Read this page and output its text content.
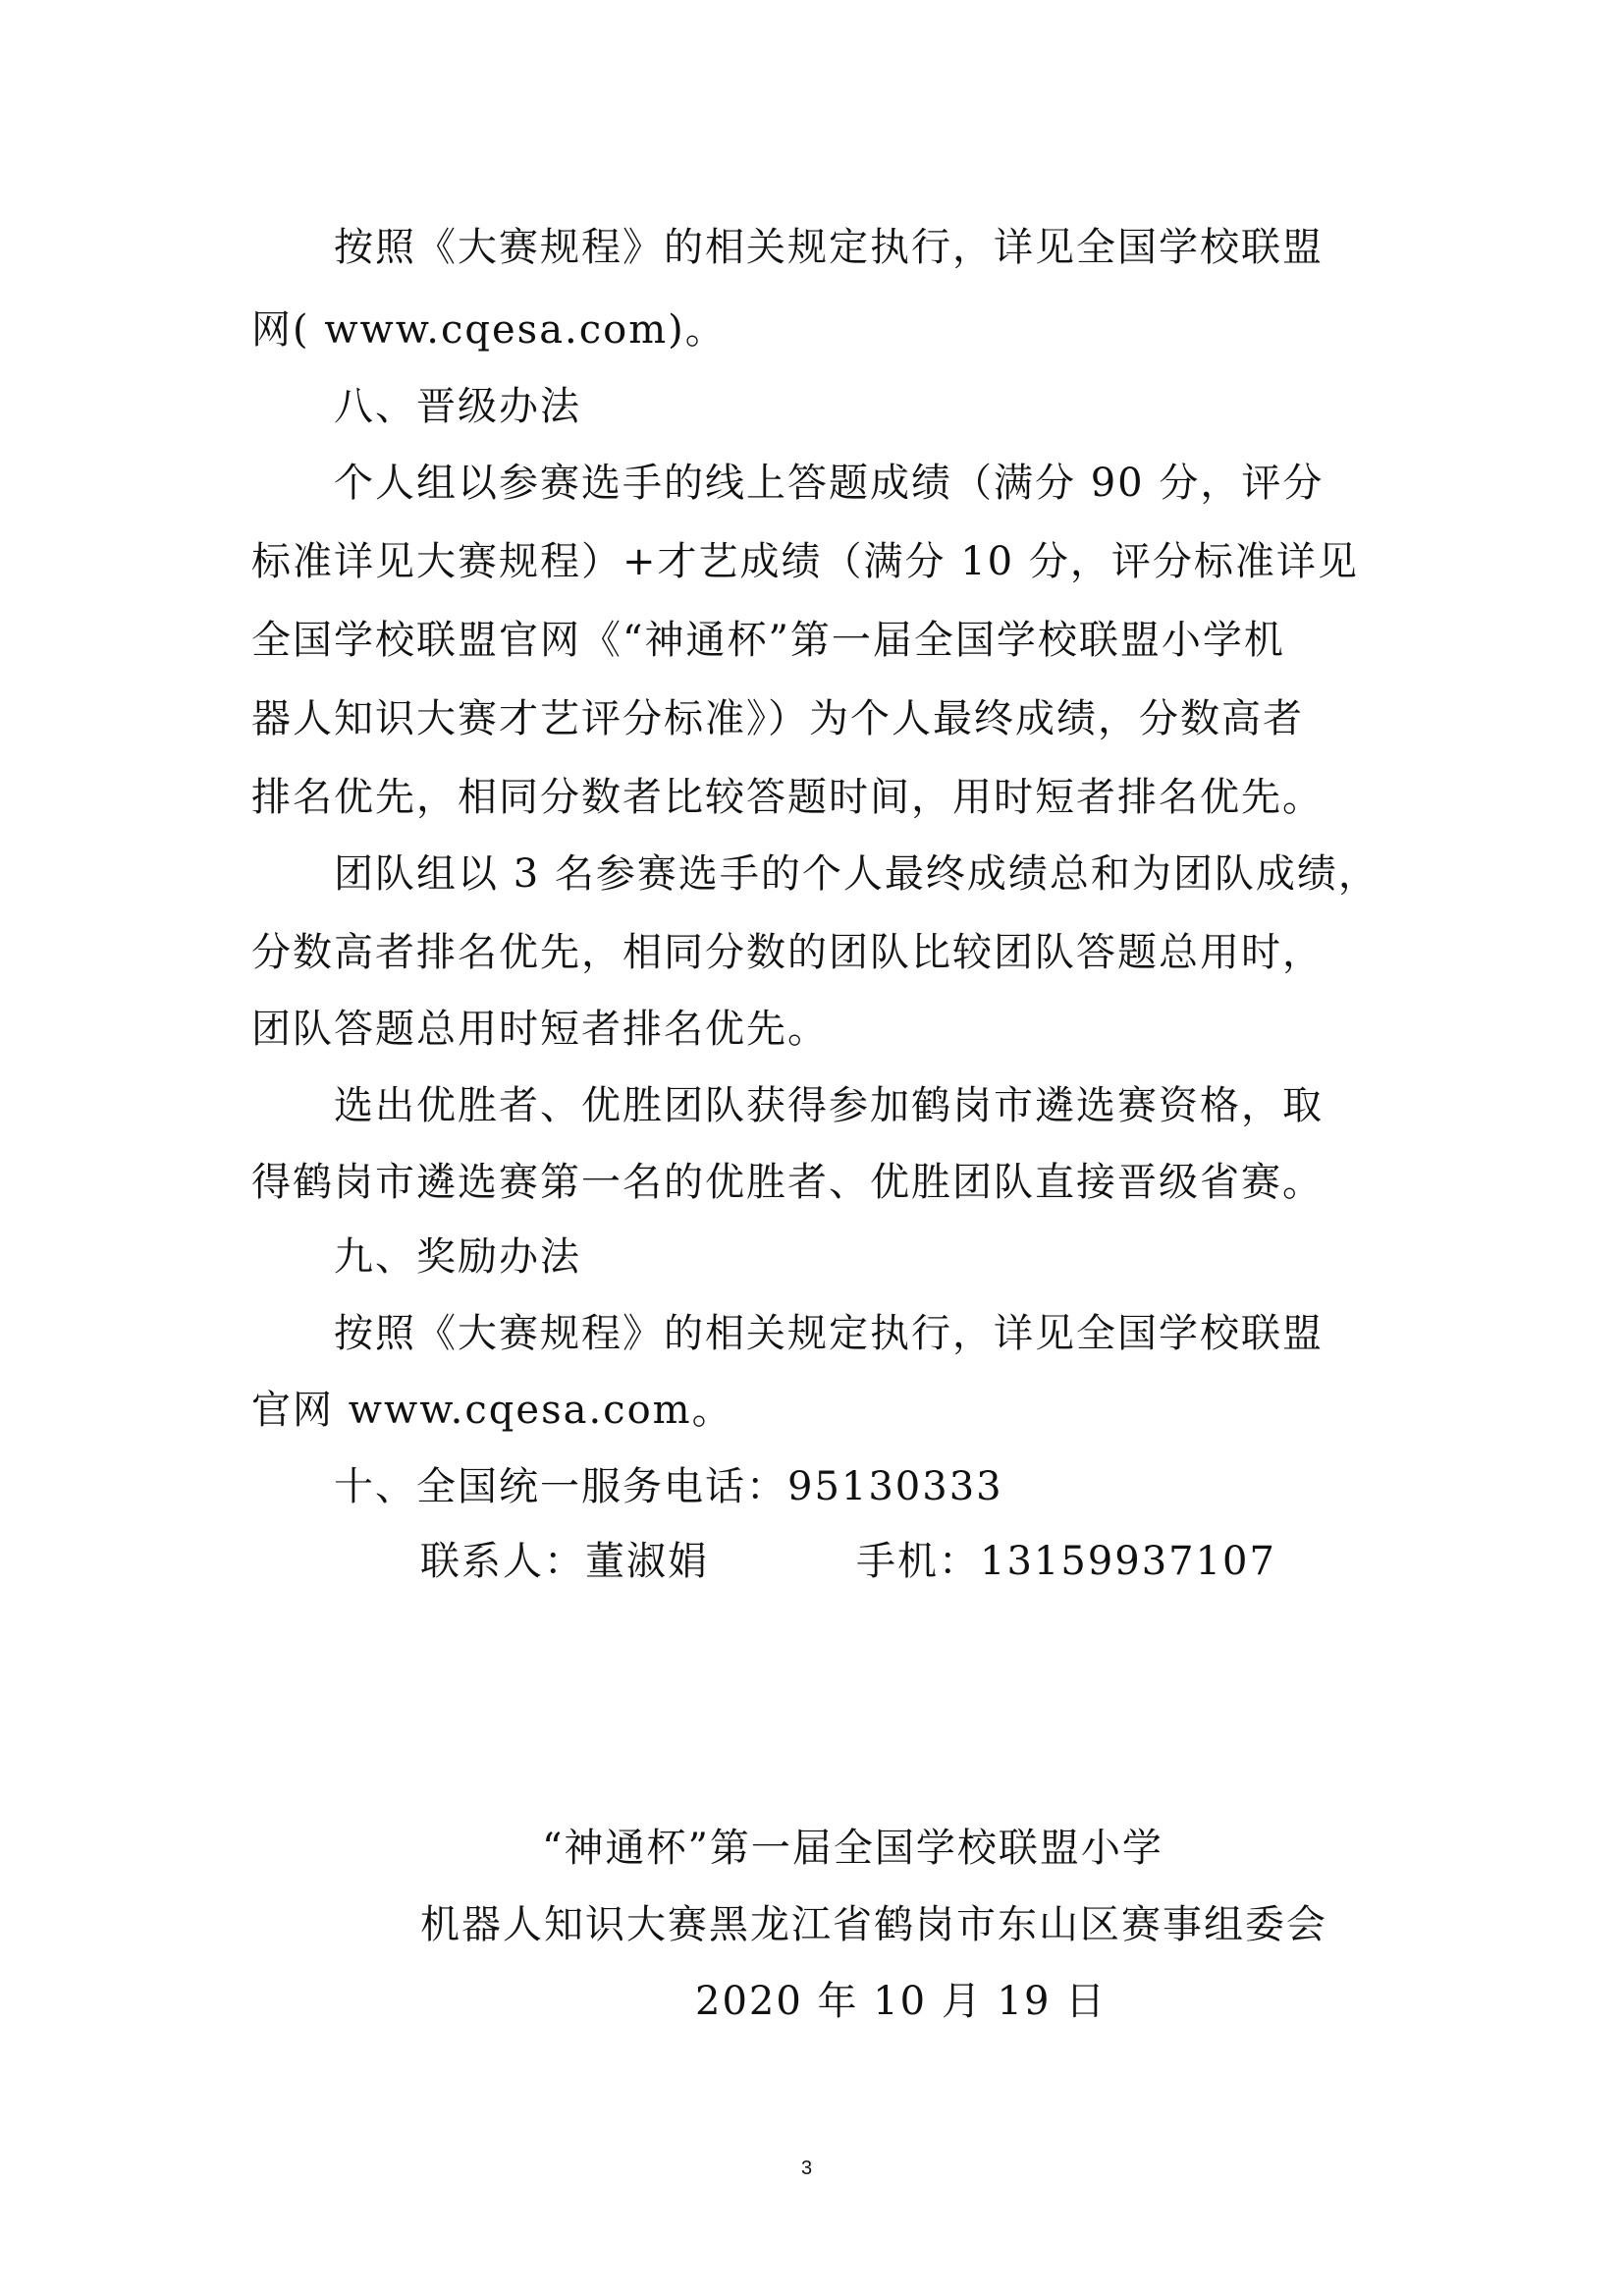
按照《大赛规程》的相关规定执行，详见全国学校联盟
网( www.cqesa.com)。
八、晋级办法
个人组以参赛选手的线上答题成绩（满分 90 分，评分
标准详见大赛规程）+才艺成绩（满分 10 分，评分标准详见
全国学校联盟官网《“神通杯”第一届全国学校联盟小学机
器人知识大赛才艺评分标准》）为个人最终成绩，分数高者
排名优先，相同分数者比较答题时间，用时短者排名优先。
团队组以 3 名参赛选手的个人最终成绩总和为团队成绩，
分数高者排名优先，相同分数的团队比较团队答题总用时，
团队答题总用时短者排名优先。
选出优胜者、优胜团队获得参加鹤岗市遴选赛资格，取
得鹤岗市遴选赛第一名的优胜者、优胜团队直接晋级省赛。
九、奖励办法
按照《大赛规程》的相关规定执行，详见全国学校联盟
官网 www.cqesa.com。
十、全国统一服务电话：95130333
联系人：董淑娟	手机：13159937107
“神通杯”第一届全国学校联盟小学
机器人知识大赛黑龙江省鹤岗市东山区赛事组委会
2020 年 10 月 19 日
3
